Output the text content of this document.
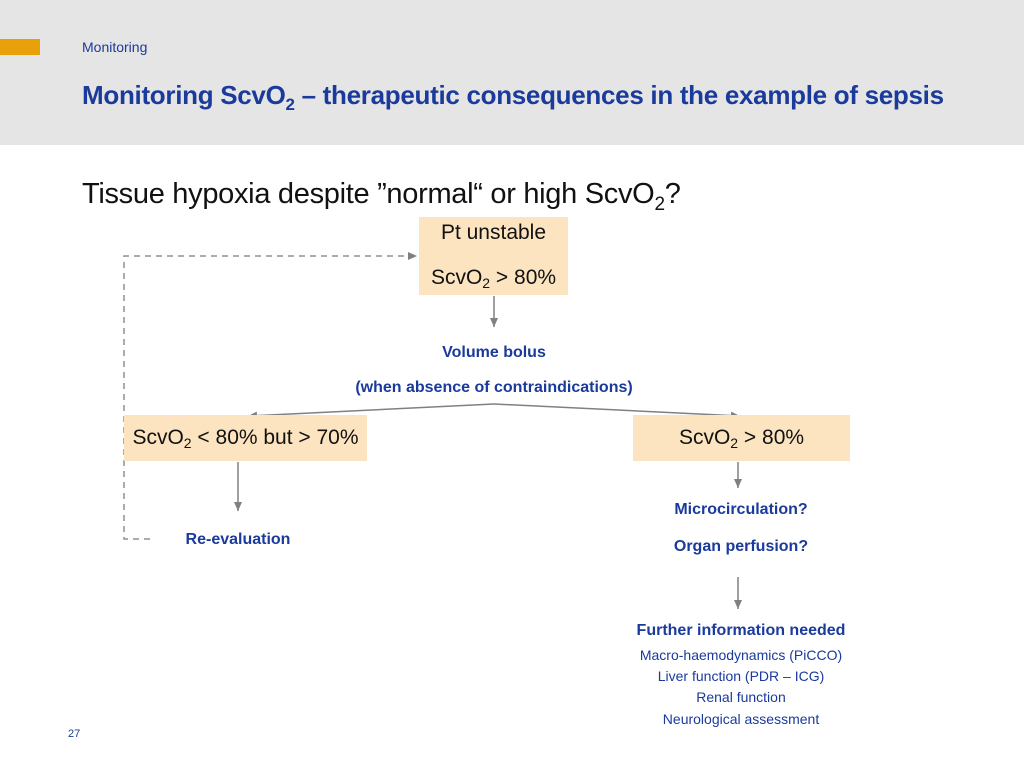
Monitoring
Monitoring ScvO$_2$ – therapeutic consequences in the example of sepsis
Tissue hypoxia despite ”normal“ or high ScvO$_2$?
Pt unstable
ScvO$_2$ > 80%
Volume bolus
(when absence of contraindications)
ScvO$_2$ < 80% but > 70%	ScvO$_2$ > 80%
Re-evaluation
Microcirculation?
Organ perfusion?
Further information needed
Macro-haemodynamics (PiCCO)
Liver function (PDR – ICG)
Renal function
Neurological assessment
27
